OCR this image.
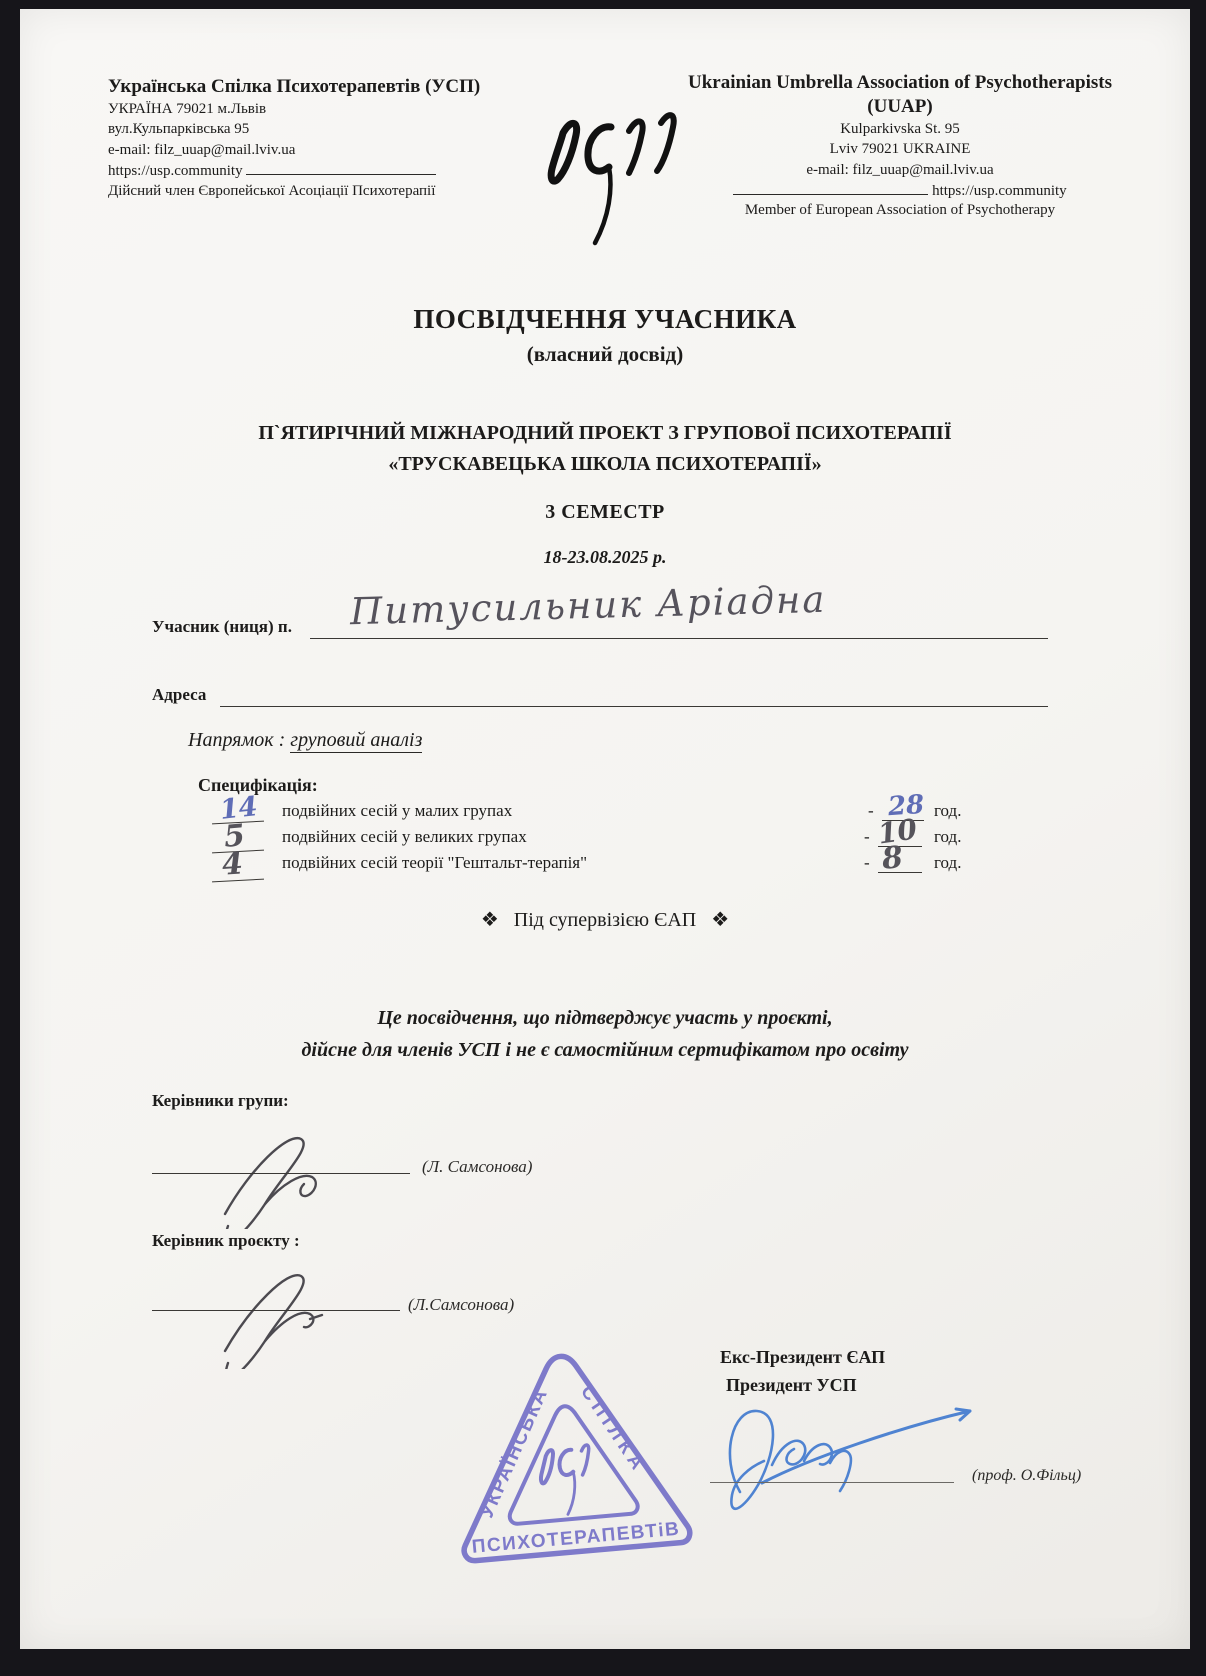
Українська Спілка Психотерапевтів (УСП)
УКРАЇНА 79021 м.Львів
вул.Кульпарківська 95
e-mail: filz_uuap@mail.lviv.ua
https://usp.community
Дійсний член Європейської Асоціації Психотерапії
Ukrainian Umbrella Association of Psychotherapists (UUAP)
Kulparkivska St. 95
Lviv 79021 UKRAINE
e-mail: filz_uuap@mail.lviv.ua
https://usp.community
Member of European Association of Psychotherapy
ПОСВІДЧЕННЯ УЧАСНИКА
(власний досвід)
П`ЯТИРІЧНИЙ МІЖНАРОДНИЙ ПРОЕКТ З ГРУПОВОЇ ПСИХОТЕРАПІЇ
«ТРУСКАВЕЦЬКА ШКОЛА ПСИХОТЕРАПІЇ»
3 СЕМЕСТР
18-23.08.2025 р.
Учасник (ниця) п. Питусильник Аріадна
Адреса
Напрямок : груповий аналіз
Специфікація:
14 подвійних сесій у малих групах	- 28 год.
5 подвійних сесій у великих групах	- 10 год.
4 подвійних сесій теорії "Гештальт-терапія"	- 8 год.
❖ Під супервізією ЄАП ❖
Це посвідчення, що підтверджує участь у проєкті,
дійсне для членів УСП і не є самостійним сертифікатом про освіту
Керівники групи:
(Л. Самсонова)
Керівник проєкту :
(Л.Самсонова)
УКРАЇНСЬКА СПІЛКА
ПСИХОТЕРАПЕВТіВ
Екс-Президент ЄАП
Президент УСП
(проф. О.Фільц)
